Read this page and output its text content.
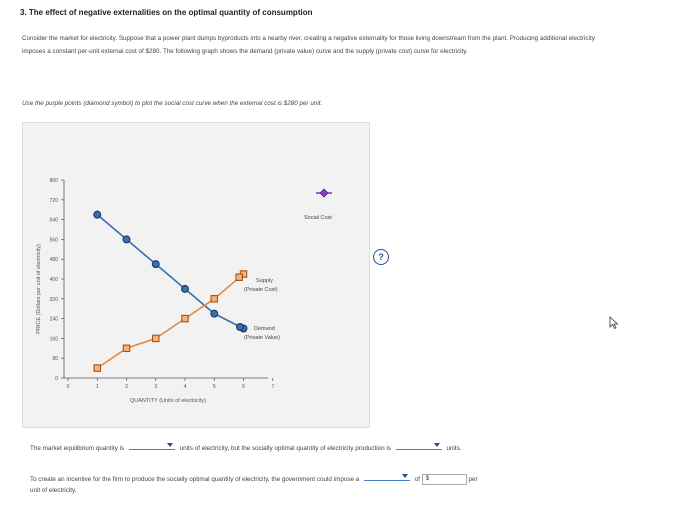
3. The effect of negative externalities on the optimal quantity of consumption
Consider the market for electricity. Suppose that a power plant dumps byproducts into a nearby river, creating a negative externality for those living downstream from the plant. Producing additional electricity imposes a constant per-unit external cost of $280. The following graph shows the demand (private value) curve and the supply (private cost) curve for electricity.
Use the purple points (diamond symbol) to plot the social cost curve when the external cost is $280 per unit.
?
0
80
160
240
320
400
480
560
640
720
800
0	1	2	3	4	5	6	7
QUANTITY (Units of electricity)
PRICE (Dollars per unit of electricity)	Demand
(Private Value)
Supply
(Private Cost)
Social Cost
The market equilibrium quantity is	units of electricity, but the socially optimal quantity of electricity production is	units.
To create an incentive for the firm to produce the socially optimal quantity of electricity, the government could impose a	of $	per
unit of electricity.
